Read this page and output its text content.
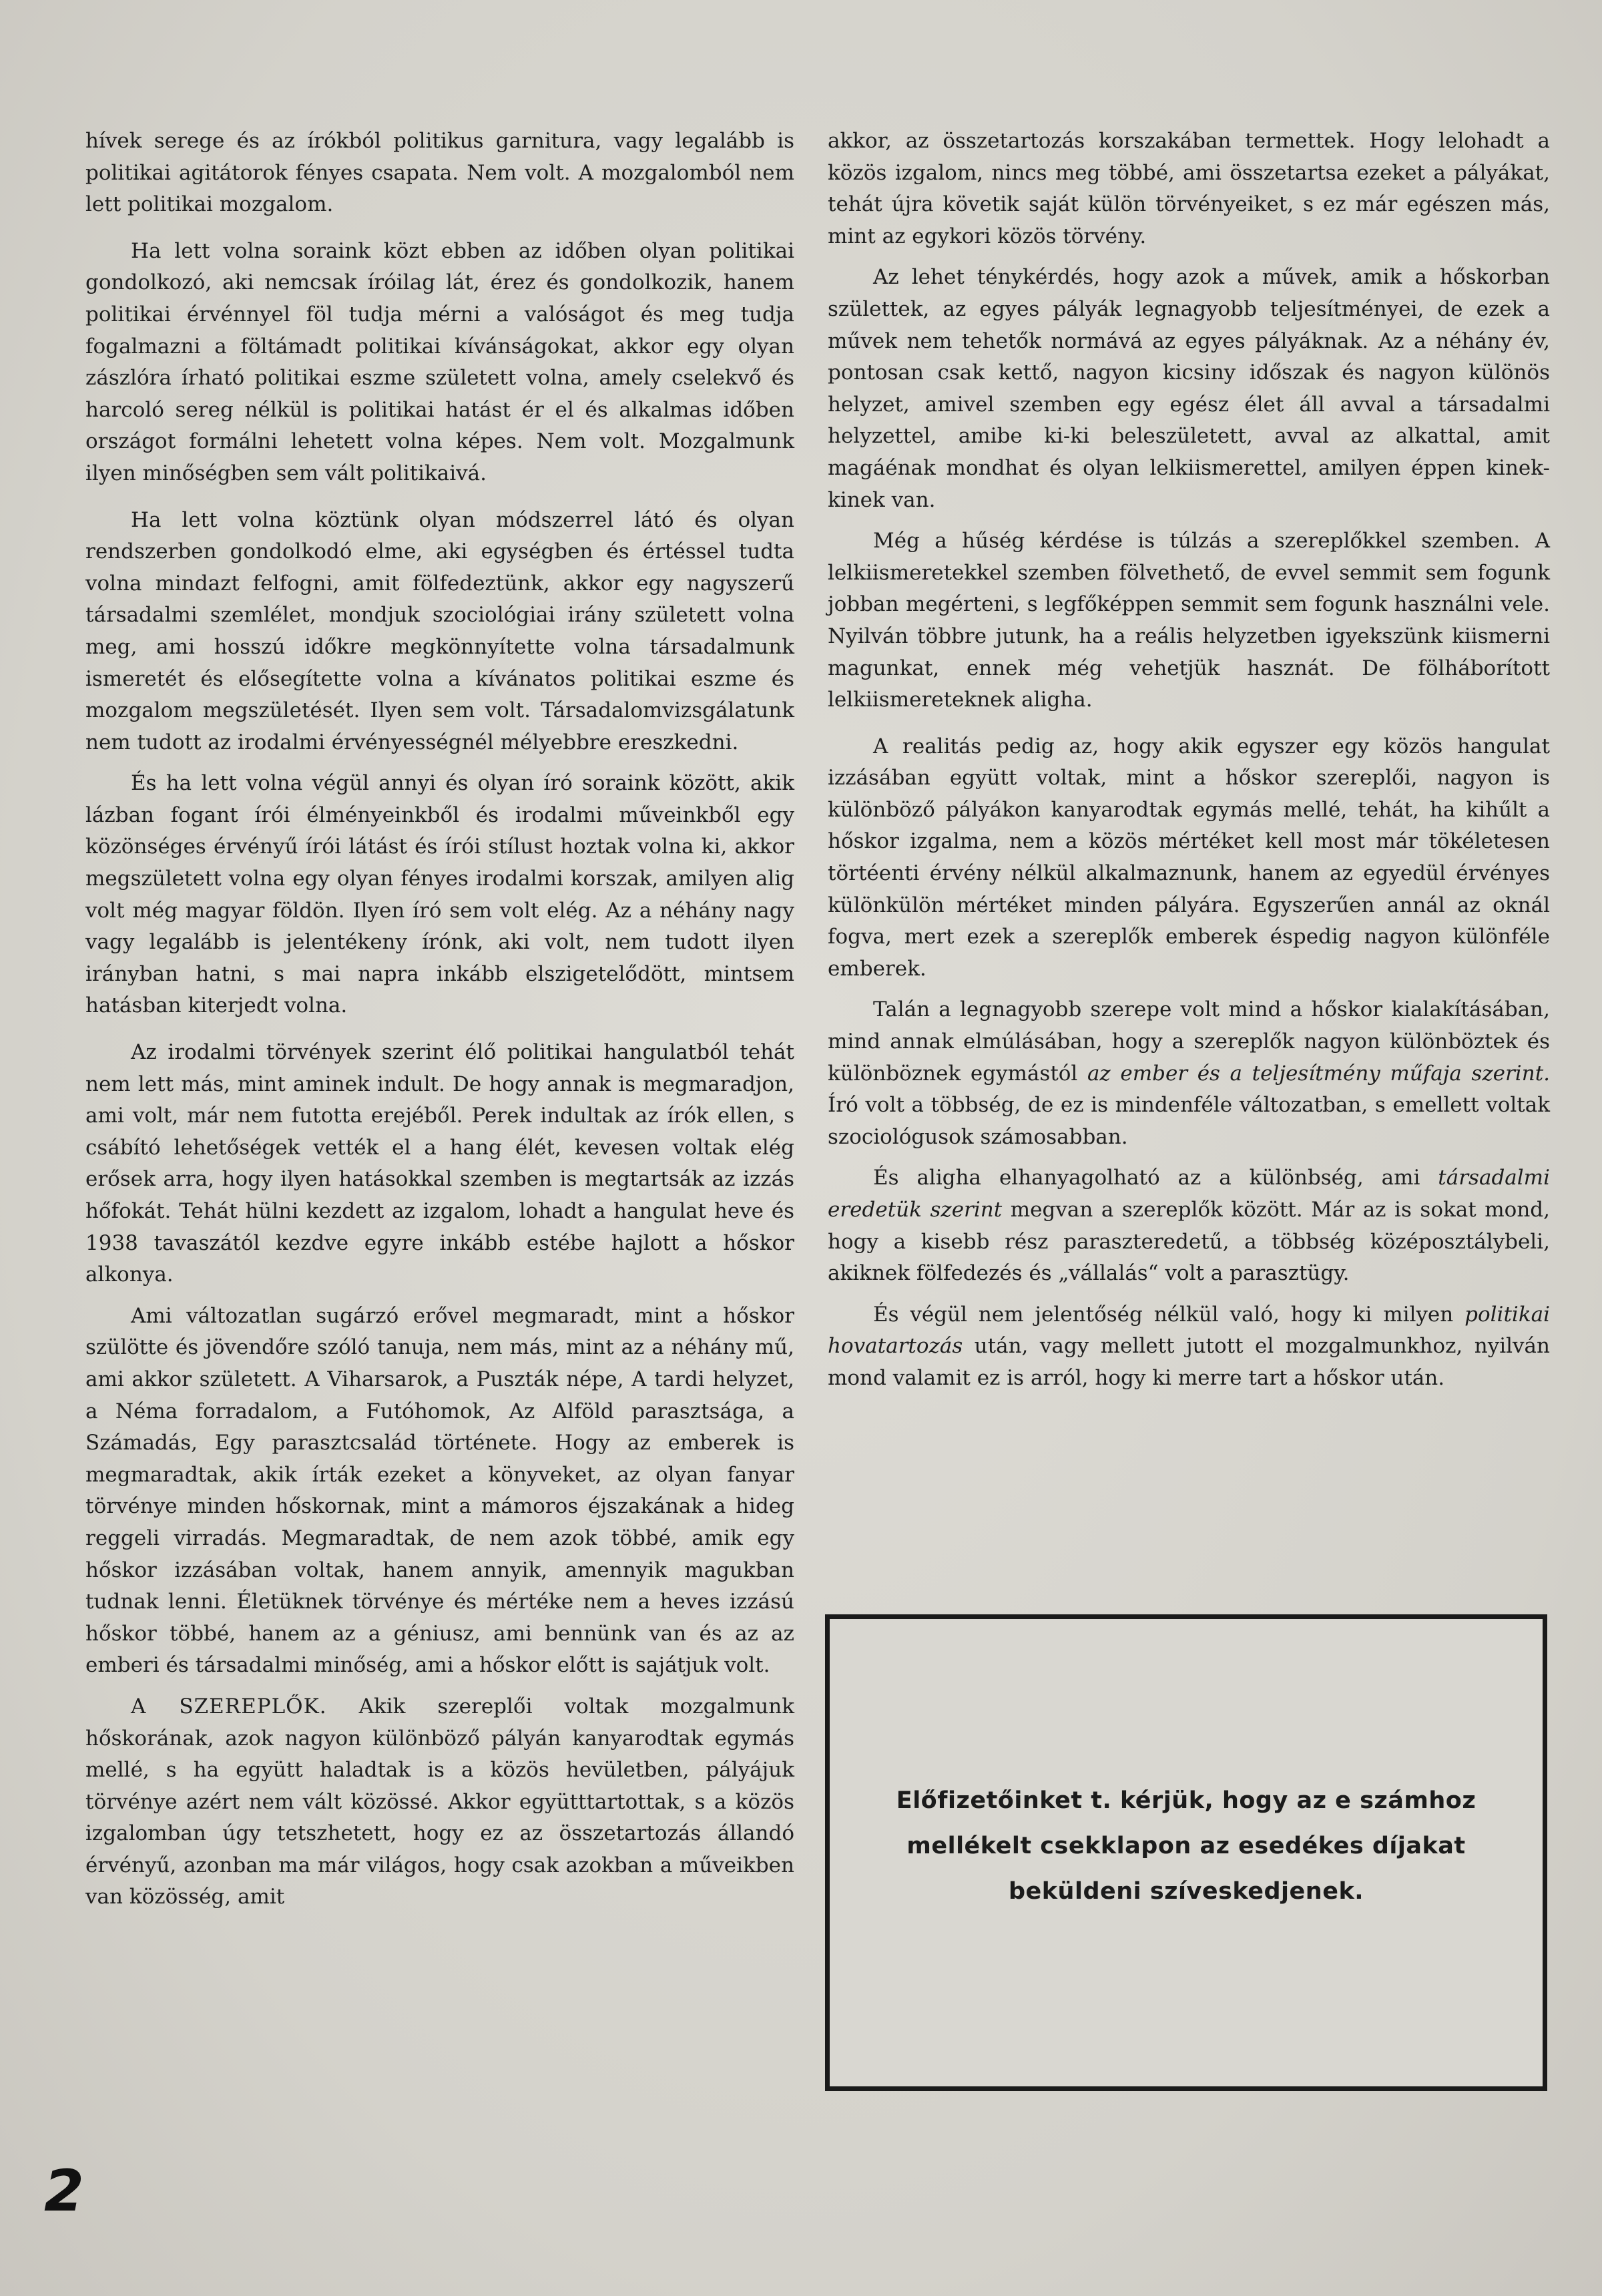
hívek serege és az írókból politikus garnitura, vagy legalább is politikai agitátorok fényes csapata. Nem volt. A mozgalomból nem lett politikai mozgalom.

Ha lett volna soraink közt ebben az időben olyan politikai gondolkozó, aki nemcsak íróilag lát, érez és gondolkozik, hanem politikai érvénnyel föl tudja mérni a valóságot és meg tudja fogalmazni a föltámadt politikai kívánságokat, akkor egy olyan zászlóra írható politikai eszme született volna, amely cselekvő és harcoló sereg nélkül is politikai hatást ér el és alkalmas időben országot formálni lehetett volna képes. Nem volt. Mozgalmunk ilyen minőségben sem vált politikaivá.

Ha lett volna köztünk olyan módszerrel látó és olyan rendszerben gondolkodó elme, aki egységben és értéssel tudta volna mindazt felfogni, amit fölfedeztünk, akkor egy nagyszerű társadalmi szemlélet, mondjuk szociológiai irány született volna meg, ami hosszú időkre megkönnyítette volna társadalmunk ismeretét és elősegítette volna a kívánatos politikai eszme és mozgalom megszületését. Ilyen sem volt. Társadalomvizsgálatunk nem tudott az irodalmi érvényességnél mélyebbre ereszkedni.

És ha lett volna végül annyi és olyan író soraink között, akik lázban fogant írói élményeinkből és irodalmi műveinkből egy közönséges érvényű írói látást és írói stílust hoztak volna ki, akkor megszületett volna egy olyan fényes irodalmi korszak, amilyen alig volt még magyar földön. Ilyen író sem volt elég. Az a néhány nagy vagy legalább is jelentékeny írónk, aki volt, nem tudott ilyen irányban hatni, s mai napra inkább elszigetelődött, mintsem hatásban kiterjedt volna.

Az irodalmi törvények szerint élő politikai hangulatból tehát nem lett más, mint aminek indult. De hogy annak is megmaradjon, ami volt, már nem futotta erejéből. Perek indultak az írók ellen, s csábító lehetőségek vették el a hang élét, kevesen voltak elég erősek arra, hogy ilyen hatásokkal szemben is megtartsák az izzás hőfokát. Tehát hülni kezdett az izgalom, lohadt a hangulat heve és 1938 tavaszától kezdve egyre inkább estébe hajlott a hőskor alkonya.

Ami változatlan sugárzó erővel megmaradt, mint a hőskor szülötte és jövendőre szóló tanuja, nem más, mint az a néhány mű, ami akkor született. A Viharsarok, a Puszták népe, A tardi helyzet, a Néma forradalom, a Futóhomok, Az Alföld parasztsága, a Számadás, Egy parasztcsalád története. Hogy az emberek is megmaradtak, akik írták ezeket a könyveket, az olyan fanyar törvénye minden hőskornak, mint a mámoros éjszakának a hideg reggeli virradás. Megmaradtak, de nem azok többé, amik egy hőskor izzásában voltak, hanem annyik, amennyik magukban tudnak lenni. Életüknek törvénye és mértéke nem a heves izzású hőskor többé, hanem az a géniusz, ami bennünk van és az az emberi és társadalmi minőség, ami a hőskor előtt is sajátjuk volt.

A SZEREPLŐK. Akik szereplői voltak mozgalmunk hőskorának, azok nagyon különböző pályán kanyarodtak egymás mellé, s ha együtt haladtak is a közös hevületben, pályájuk törvénye azért nem vált közössé. Akkor együtttartottak, s a közös izgalomban úgy tetszhetett, hogy ez az összetartozás állandó érvényű, azonban ma már világos, hogy csak azokban a műveikben van közösség, amit

akkor, az összetartozás korszakában termettek. Hogy lelohadt a közös izgalom, nincs meg többé, ami összetartsa ezeket a pályákat, tehát újra követik saját külön törvényeiket, s ez már egészen más, mint az egykori közös törvény.

Az lehet ténykérdés, hogy azok a művek, amik a hőskorban születtek, az egyes pályák legnagyobb teljesítményei, de ezek a művek nem tehetők normává az egyes pályáknak. Az a néhány év, pontosan csak kettő, nagyon kicsiny időszak és nagyon különös helyzet, amivel szemben egy egész élet áll avval a társadalmi helyzettel, amibe ki-ki beleszületett, avval az alkattal, amit magáénak mondhat és olyan lelkiismerettel, amilyen éppen kinek-kinek van.

Még a hűség kérdése is túlzás a szereplőkkel szemben. A lelkiismeretekkel szemben fölvethető, de evvel semmit sem fogunk jobban megérteni, s legfőképpen semmit sem fogunk használni vele. Nyilván többre jutunk, ha a reális helyzetben igyekszünk kiismerni magunkat, ennek még vehetjük hasznát. De fölháborított lelkiismereteknek aligha.

A realitás pedig az, hogy akik egyszer egy közös hangulat izzásában együtt voltak, mint a hőskor szereplői, nagyon is különböző pályákon kanyarodtak egymás mellé, tehát, ha kihűlt a hőskor izgalma, nem a közös mértéket kell most már tökéletesen törtéenti érvény nélkül alkalmaznunk, hanem az egyedül érvényes különkülön mértéket minden pályára. Egyszerűen annál az oknál fogva, mert ezek a szereplők emberek éspedig nagyon különféle emberek.

Talán a legnagyobb szerepe volt mind a hőskor kialakításában, mind annak elmúlásában, hogy a szereplők nagyon különböztek és különböznek egymástól az ember és a teljesítmény műfaja szerint. Író volt a többség, de ez is mindenféle változatban, s emellett voltak szociológusok számosabban.

És aligha elhanyagolható az a különbség, ami társadalmi eredetük szerint megvan a szereplők között. Már az is sokat mond, hogy a kisebb rész paraszteredetű, a többség középosztálybeli, akiknek fölfedezés és „vállalás“ volt a parasztügy.

És végül nem jelentőség nélkül való, hogy ki milyen politikai hovatartozás után, vagy mellett jutott el mozgalmunkhoz, nyilván mond valamit ez is arról, hogy ki merre tart a hőskor után.

Előfizetőinket t. kérjük, hogy az e számhoz mellékelt csekklapon az esedékes díjakat beküldeni szíveskedjenek.
2
